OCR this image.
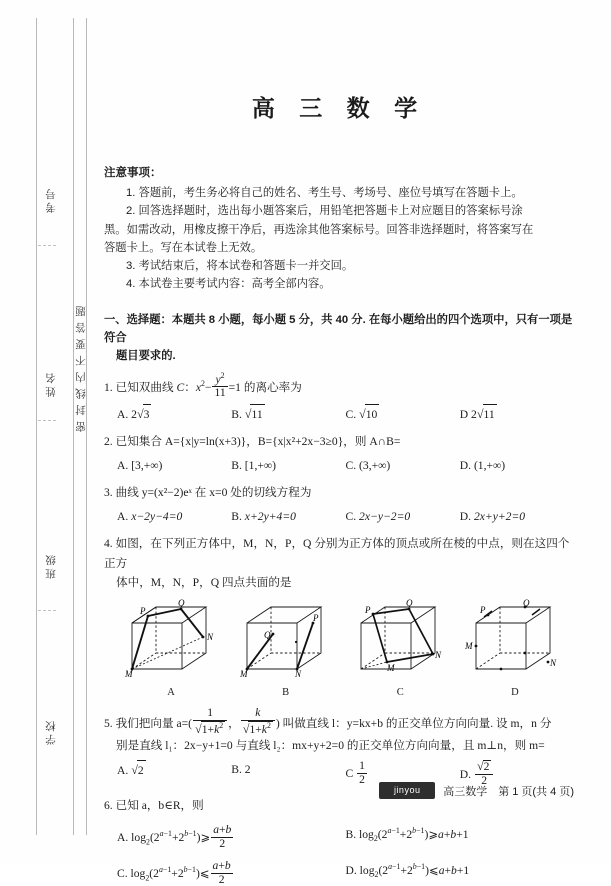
考号
姓名
班级
学校
密封线内不要答题
高 三 数 学
注意事项：
1. 答题前，考生务必将自己的姓名、考生号、考场号、座位号填写在答题卡上。
2. 回答选择题时，选出每小题答案后，用铅笔把答题卡上对应题目的答案标号涂
黑。如需改动，用橡皮擦干净后，再选涂其他答案标号。回答非选择题时，将答案写在
答题卡上。写在本试卷上无效。
3. 考试结束后，将本试卷和答题卡一并交回。
4. 本试卷主要考试内容：高考全部内容。
一、选择题：本题共 8 小题，每小题 5 分，共 40 分. 在每小题给出的四个选项中，只有一项是符合
题目要求的.
1. 已知双曲线 C：$x^2- \frac{y^2}{11} =1$ 的离心率为
A. 2√3	B. √11	C. √10	D 2√11
2. 已知集合 A={x|y=ln(x+3)}，B={x|x²+2x−3≥0}，则 A∩B=
A. [3,+∞)	B. [1,+∞)	C. (3,+∞)	D. (1,+∞)
3. 曲线 y=(x²−2)eˣ 在 x=0 处的切线方程为
A. x−2y−4=0	B. x+2y+4=0	C. 2x−y−2=0	D. 2x+y+2=0
4. 如图，在下列正方体中，M，N，P，Q 分别为正方体的顶点或所在棱的中点，则在这四个正方
体中，M，N，P，Q 四点共面的是
P
Q
N
M
A
Q
P
M	N
B
P
Q
N
M
C
P
Q
M
N
D
5. 我们把向量 $a=( \frac{1}{√1+k^2}$ ， $\frac{k}{√1+k^2}$ ) 叫做直线 l：y=kx+b 的正交单位方向向量. 设 m，n 分
别是直线 l₁：2x−y+1=0 与直线 l₂：mx+y+2=0 的正交单位方向向量，且 m⊥n，则 m=
A. √2	B. 2	C $\frac{1}{2}$	D. $\frac{√2}{2}$
6. 已知 a，b∈R，则
A. $\log_2(2^{a-1}+2^{b-1})⩾ \frac{a+b}{2}$	B. $\log_2(2^{a-1}+2^{b-1})⩾a+b+1$
C. $\log_2(2^{a-1}+2^{b-1})⩽ \frac{a+b}{2}$	D. $\log_2(2^{a-1}+2^{b-1})⩽a+b+1$
jinyou	高三数学　第 1 页(共 4 页)
